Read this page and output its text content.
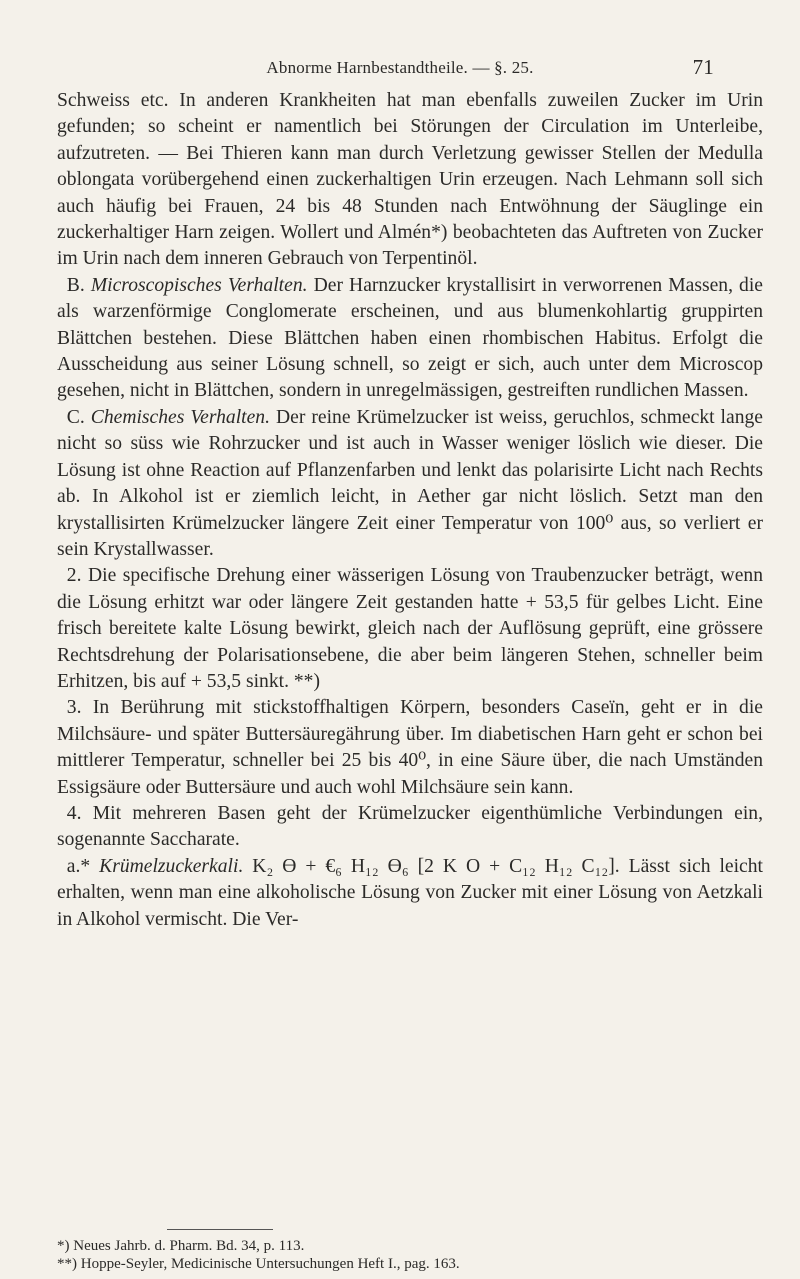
Abnorme Harnbestandtheile. — §. 25.	71

Schweiss etc. In anderen Krankheiten hat man ebenfalls zuweilen Zucker im Urin gefunden; so scheint er namentlich bei Störungen der Circulation im Unterleibe, aufzutreten. — Bei Thieren kann man durch Verletzung gewisser Stellen der Medulla oblongata vorübergehend einen zuckerhaltigen Urin erzeugen. Nach Lehmann soll sich auch häufig bei Frauen, 24 bis 48 Stunden nach Entwöhnung der Säuglinge ein zuckerhaltiger Harn zeigen. Wollert und Almén*) beobachteten das Auftreten von Zucker im Urin nach dem inneren Gebrauch von Terpentinöl.

 B. Microscopisches Verhalten. Der Harnzucker krystallisirt in verworrenen Massen, die als warzenförmige Conglomerate erscheinen, und aus blumenkohlartig gruppirten Blättchen bestehen. Diese Blättchen haben einen rhombischen Habitus. Erfolgt die Ausscheidung aus seiner Lösung schnell, so zeigt er sich, auch unter dem Microscop gesehen, nicht in Blättchen, sondern in unregelmässigen, gestreiften rundlichen Massen.

 C. Chemisches Verhalten. Der reine Krümelzucker ist weiss, geruchlos, schmeckt lange nicht so süss wie Rohrzucker und ist auch in Wasser weniger löslich wie dieser. Die Lösung ist ohne Reaction auf Pflanzenfarben und lenkt das polarisirte Licht nach Rechts ab. In Alkohol ist er ziemlich leicht, in Aether gar nicht löslich. Setzt man den krystallisirten Krümelzucker längere Zeit einer Temperatur von 100⁰ aus, so verliert er sein Krystallwasser.

 2. Die specifische Drehung einer wässerigen Lösung von Traubenzucker beträgt, wenn die Lösung erhitzt war oder längere Zeit gestanden hatte + 53,5 für gelbes Licht. Eine frisch bereitete kalte Lösung bewirkt, gleich nach der Auflösung geprüft, eine grössere Rechtsdrehung der Polarisationsebene, die aber beim längeren Stehen, schneller beim Erhitzen, bis auf + 53,5 sinkt. **)

 3. In Berührung mit stickstoffhaltigen Körpern, besonders Caseïn, geht er in die Milchsäure- und später Buttersäuregährung über. Im diabetischen Harn geht er schon bei mittlerer Temperatur, schneller bei 25 bis 40⁰, in eine Säure über, die nach Umständen Essigsäure oder Buttersäure und auch wohl Milchsäure sein kann.

 4. Mit mehreren Basen geht der Krümelzucker eigenthümliche Verbindungen ein, sogenannte Saccharate.

 a.* Krümelzuckerkali. K₂ Ɵ + €₆ H₁₂ Ɵ₆ [2 K O + C₁₂ H₁₂ C₁₂]. Lässt sich leicht erhalten, wenn man eine alkoholische Lösung von Zucker mit einer Lösung von Aetzkali in Alkohol vermischt. Die Ver-

*) Neues Jahrb. d. Pharm. Bd. 34, p. 113.

**) Hoppe-Seyler, Medicinische Untersuchungen Heft I., pag. 163.
